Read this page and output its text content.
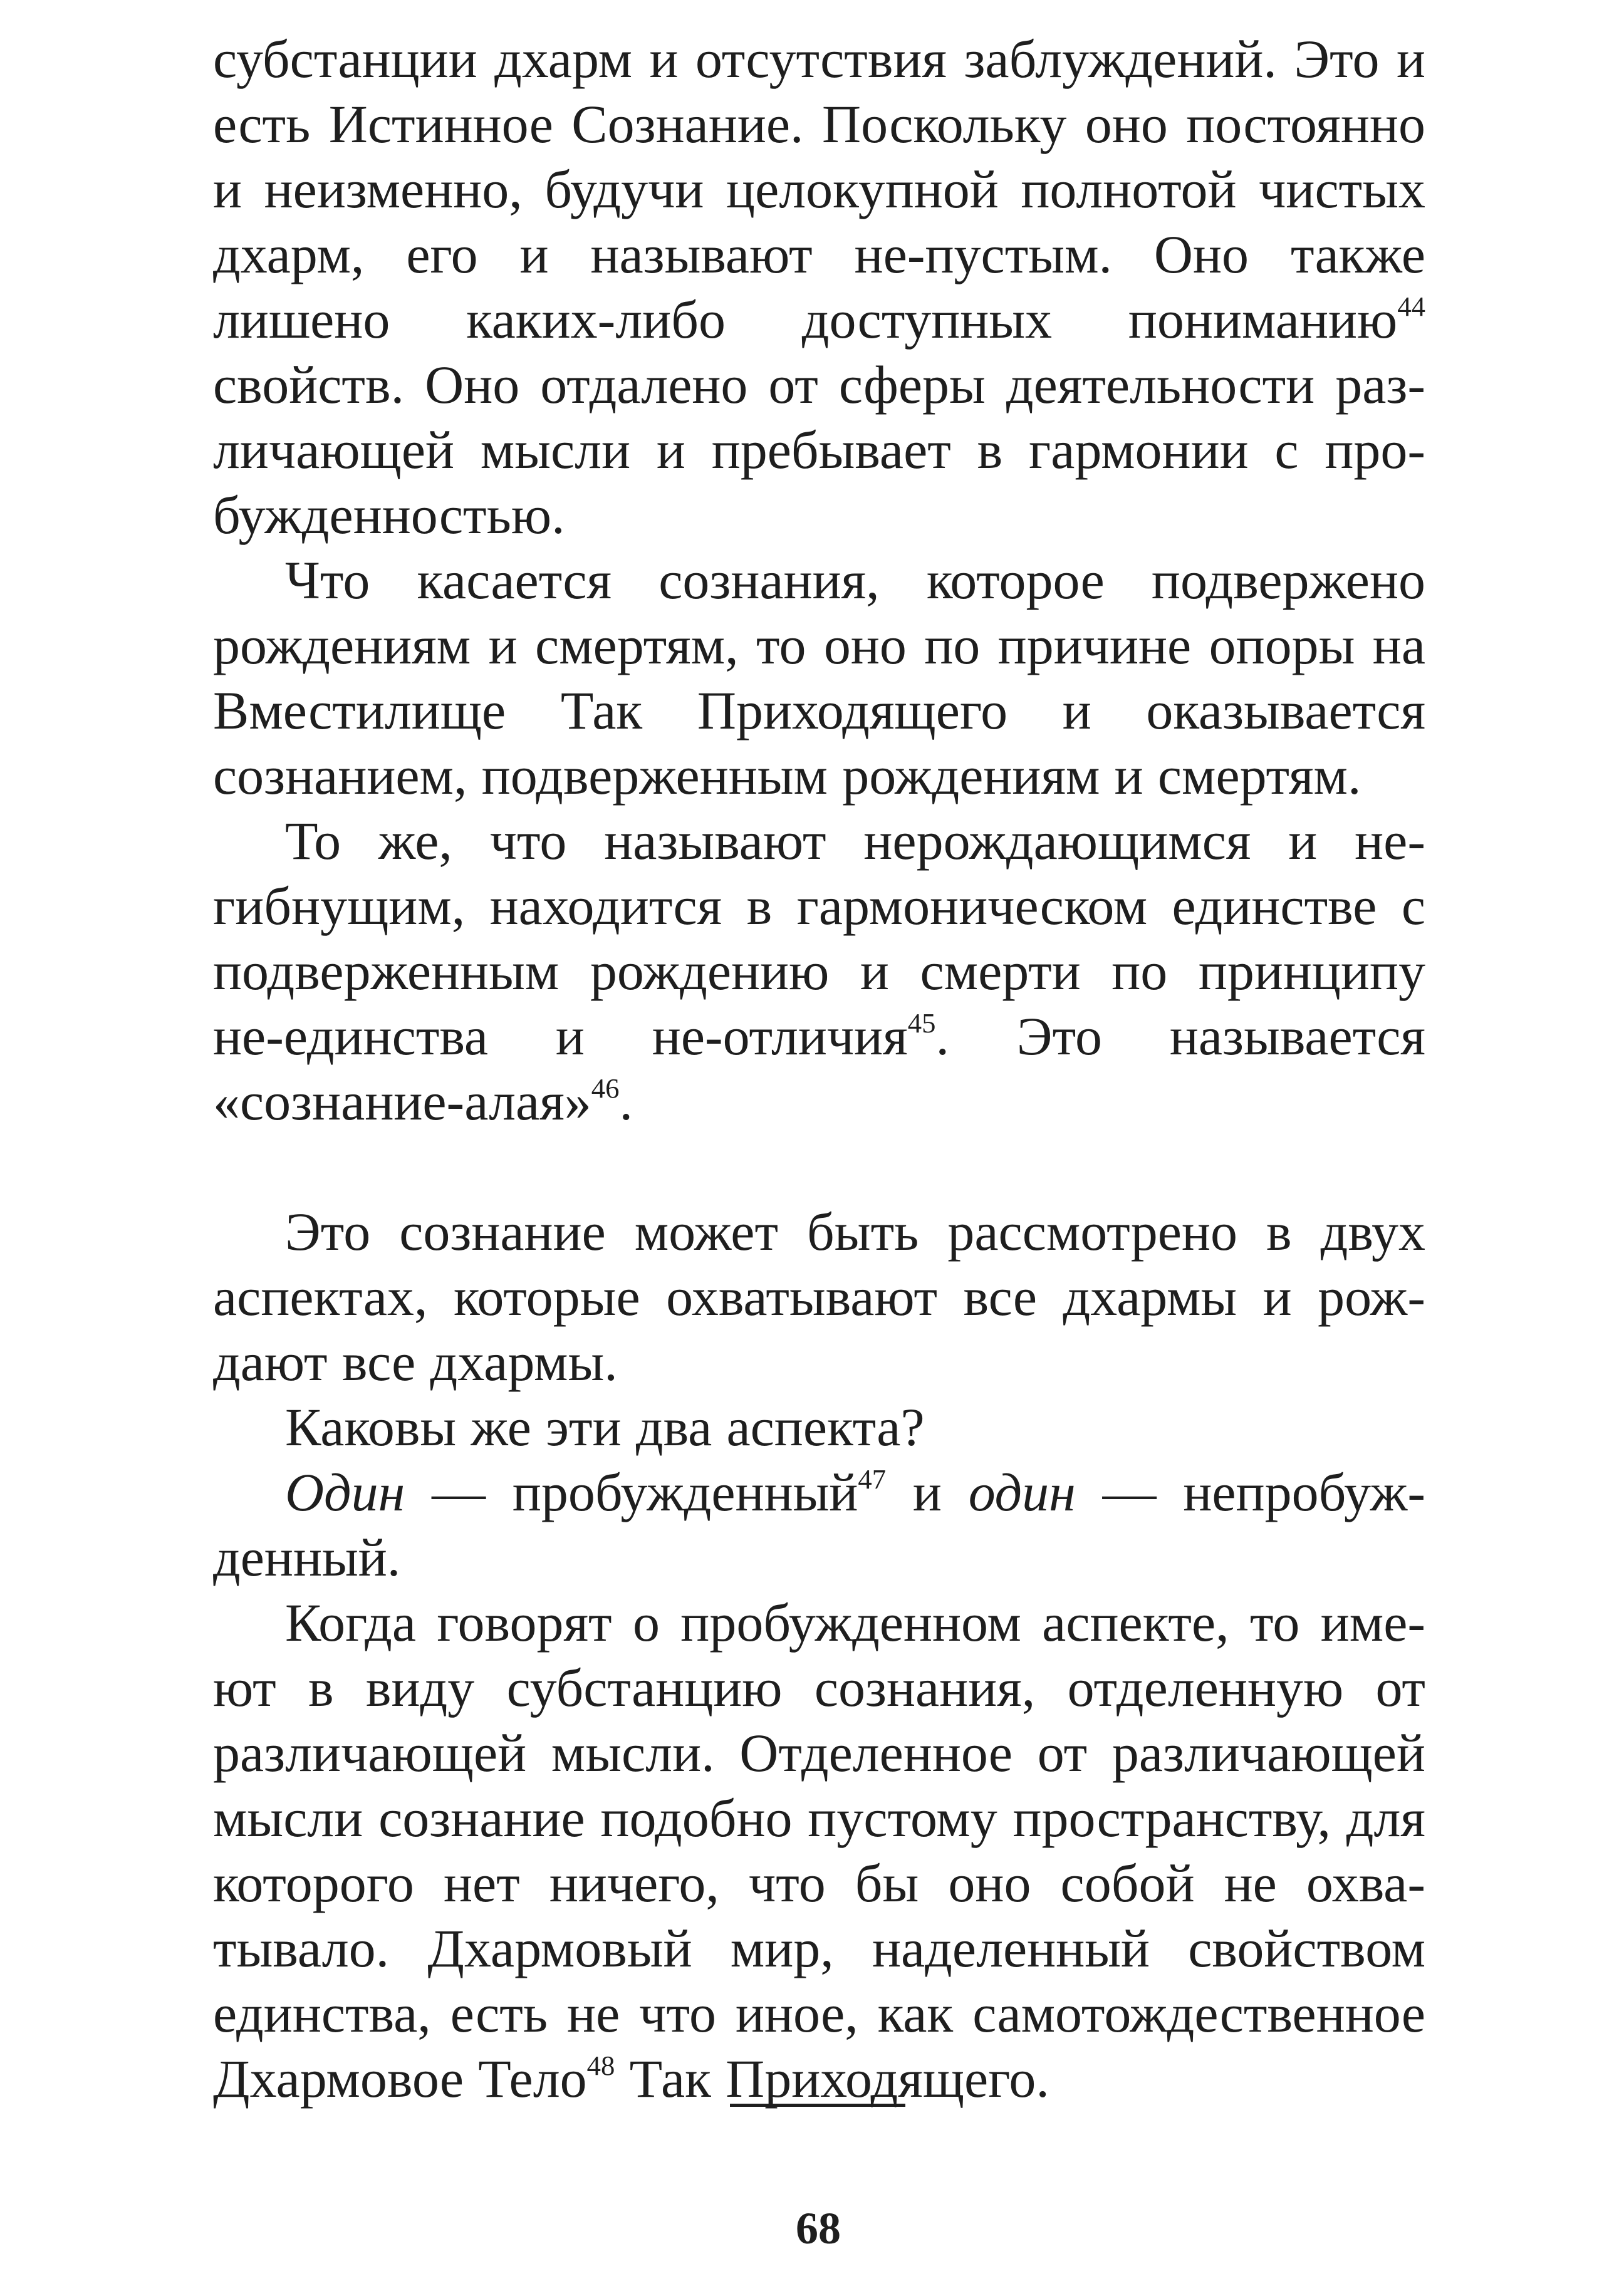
субстанции дхарм и отсутствия заблуждений. Это и есть Истинное Сознание. Поскольку оно постоянно и неизменно, будучи целокупной полнотой чистых дхарм, его и называют не-пустым. Оно также лишено каких-либо доступных пониманию$^{44}$ свойств. Оно отдалено от сферы деятельности различающей мысли и пребывает в гармонии с пробужденностью.

Что касается сознания, которое подвержено рождениям и смертям, то оно по причине опоры на Вместилище Так Приходящего и оказывается сознанием, подверженным рождениям и смертям.

То же, что называют нерождающимся и негибнущим, находится в гармоническом единстве с подверженным рождению и смерти по принципу не-единства и не-отличия$^{45}$. Это называется «сознание-алая»$^{46}$.

Это сознание может быть рассмотрено в двух аспектах, которые охватывают все дхармы и рождают все дхармы.

Каковы же эти два аспекта?

Один — пробужденный$^{47}$ и один — непробужденный.

Когда говорят о пробужденном аспекте, то имеют в виду субстанцию сознания, отделенную от различающей мысли. Отделенное от различающей мысли сознание подобно пустому пространству, для которого нет ничего, что бы оно собой не охватывало. Дхармовый мир, наделенный свойством единства, есть не что иное, как самотождественное Дхармовое Тело$^{48}$ Так Приходящего.

68
